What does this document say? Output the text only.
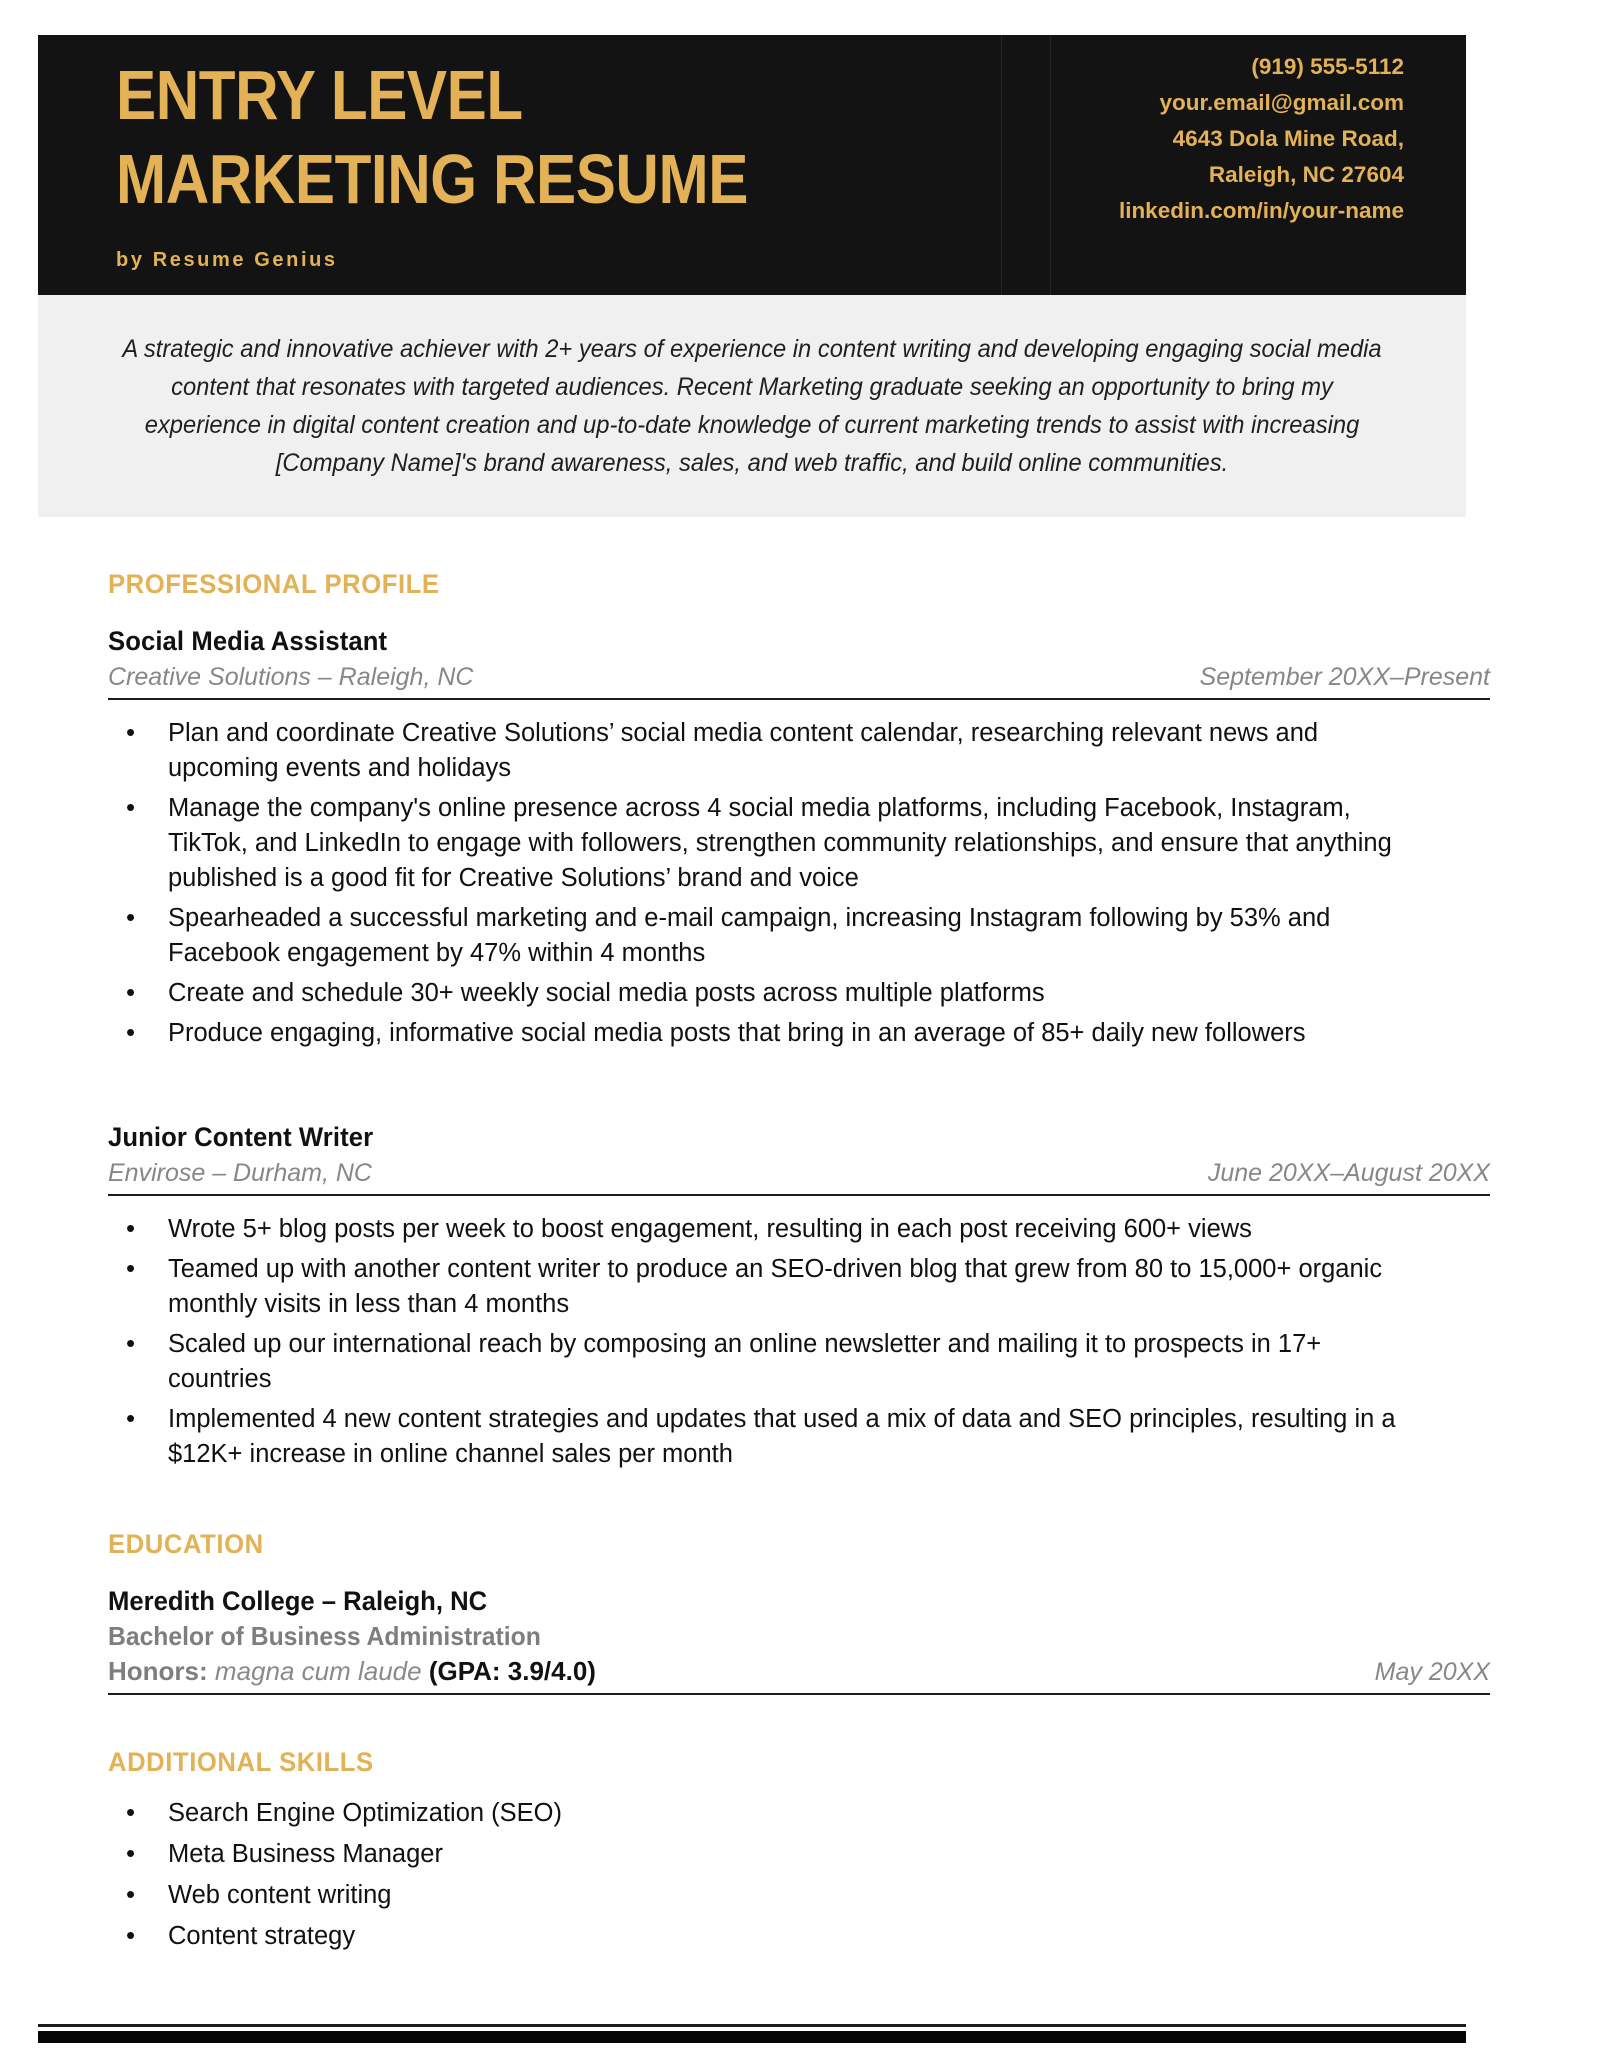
ENTRY LEVEL
MARKETING RESUME
by Resume Genius
(919) 555-5112
your.email@gmail.com
4643 Dola Mine Road,
Raleigh, NC 27604
linkedin.com/in/your-name
A strategic and innovative achiever with 2+ years of experience in content writing and developing engaging social media content that resonates with targeted audiences. Recent Marketing graduate seeking an opportunity to bring my experience in digital content creation and up-to-date knowledge of current marketing trends to assist with increasing [Company Name]'s brand awareness, sales, and web traffic, and build online communities.
PROFESSIONAL PROFILE
Social Media Assistant
Creative Solutions – Raleigh, NC	September 20XX–Present
• Plan and coordinate Creative Solutions’ social media content calendar, researching relevant news and upcoming events and holidays
• Manage the company's online presence across 4 social media platforms, including Facebook, Instagram, TikTok, and LinkedIn to engage with followers, strengthen community relationships, and ensure that anything published is a good fit for Creative Solutions’ brand and voice
• Spearheaded a successful marketing and e-mail campaign, increasing Instagram following by 53% and Facebook engagement by 47% within 4 months
• Create and schedule 30+ weekly social media posts across multiple platforms
• Produce engaging, informative social media posts that bring in an average of 85+ daily new followers
Junior Content Writer
Envirose – Durham, NC	June 20XX–August 20XX
• Wrote 5+ blog posts per week to boost engagement, resulting in each post receiving 600+ views
• Teamed up with another content writer to produce an SEO-driven blog that grew from 80 to 15,000+ organic monthly visits in less than 4 months
• Scaled up our international reach by composing an online newsletter and mailing it to prospects in 17+ countries
• Implemented 4 new content strategies and updates that used a mix of data and SEO principles, resulting in a $12K+ increase in online channel sales per month
EDUCATION
Meredith College – Raleigh, NC
Bachelor of Business Administration
Honors: magna cum laude (GPA: 3.9/4.0)	May 20XX
ADDITIONAL SKILLS
• Search Engine Optimization (SEO)
• Meta Business Manager
• Web content writing
• Content strategy
